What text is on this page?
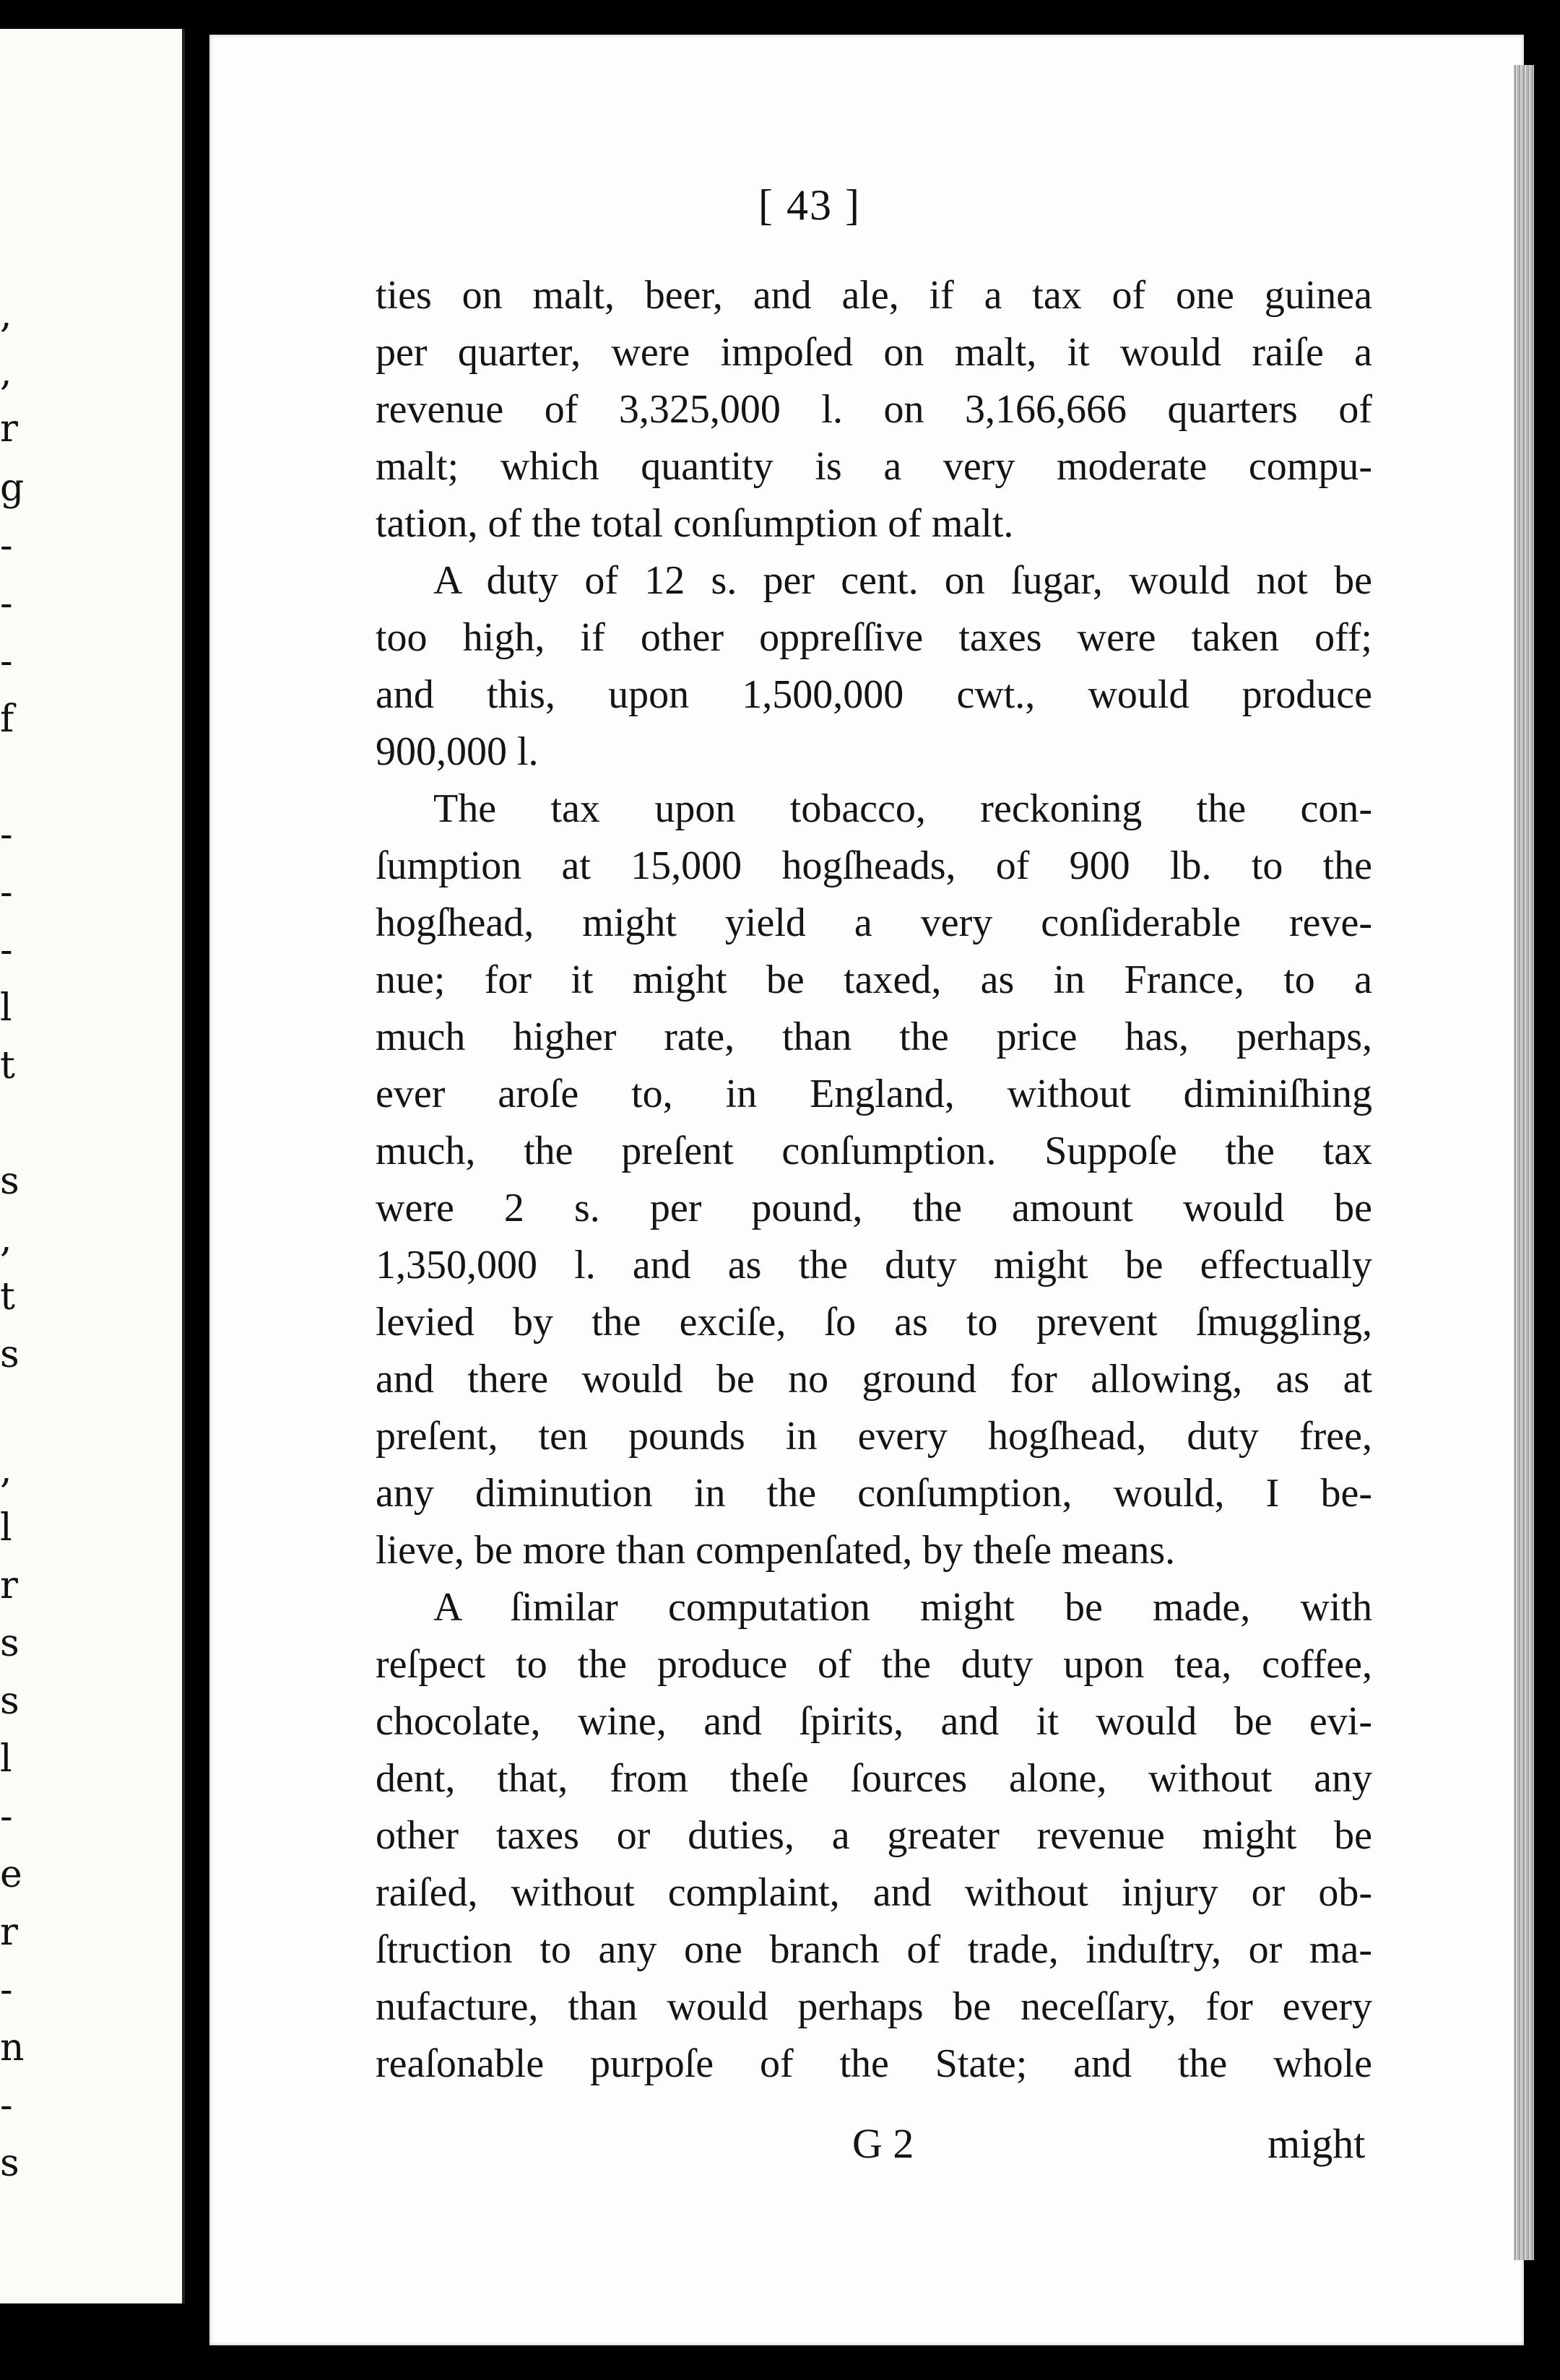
,
,
r
g
-
-
-
f
-
-
-
l
t
s
,
t
s
,
l
r
s
s
l
-
e
r
-
n
-
s
[ 43 ]
ties on malt, beer, and ale, if a tax of one guinea
per quarter, were impoſed on malt, it would raiſe a
revenue of 3,325,000 l. on 3,166,666 quarters of
malt; which quantity is a very moderate compu-
tation, of the total conſumption of malt.
A duty of 12 s. per cent. on ſugar, would not be
too high, if other oppreſſive taxes were taken off;
and this, upon 1,500,000 cwt., would produce
900,000 l.
The tax upon tobacco, reckoning the con-
ſumption at 15,000 hogſheads, of 900 lb. to the
hogſhead, might yield a very conſiderable reve-
nue; for it might be taxed, as in France, to a
much higher rate, than the price has, perhaps,
ever aroſe to, in England, without diminiſhing
much, the preſent conſumption. Suppoſe the tax
were 2 s. per pound, the amount would be
1,350,000 l. and as the duty might be effectually
levied by the exciſe, ſo as to prevent ſmuggling,
and there would be no ground for allowing, as at
preſent, ten pounds in every hogſhead, duty free,
any diminution in the conſumption, would, I be-
lieve, be more than compenſated, by theſe means.
A ſimilar computation might be made, with
reſpect to the produce of the duty upon tea, coffee,
chocolate, wine, and ſpirits, and it would be evi-
dent, that, from theſe ſources alone, without any
other taxes or duties, a greater revenue might be
raiſed, without complaint, and without injury or ob-
ſtruction to any one branch of trade, induſtry, or ma-
nufacture, than would perhaps be neceſſary, for every
reaſonable purpoſe of the State; and the whole
G 2	might
